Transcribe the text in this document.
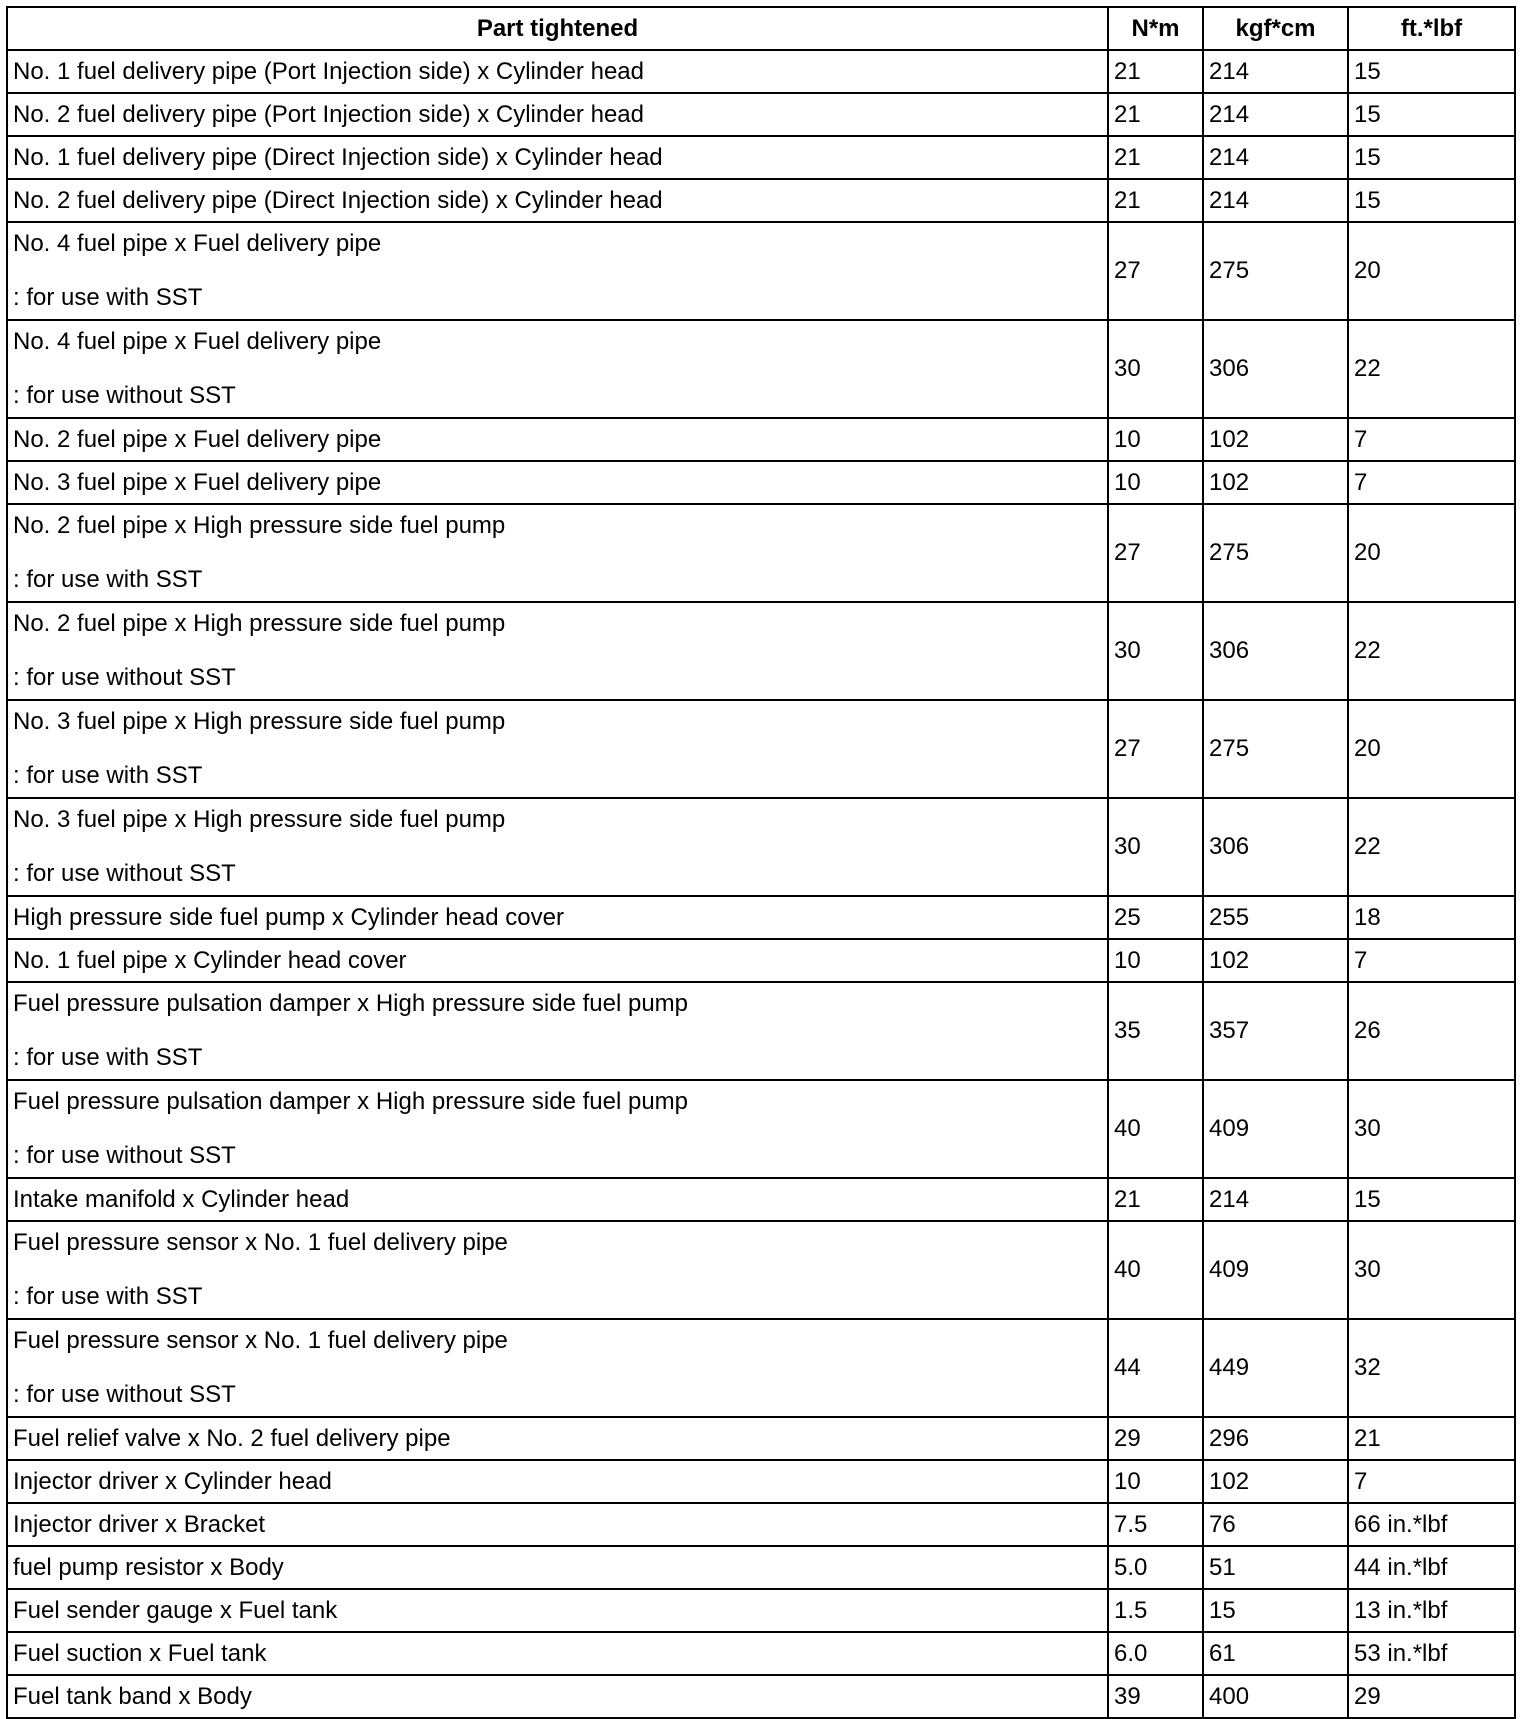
Part tightened	N*m	kgf*cm	ft.*lbf

No. 1 fuel delivery pipe (Port Injection side) x Cylinder head	21	214	15

No. 2 fuel delivery pipe (Port Injection side) x Cylinder head	21	214	15

No. 1 fuel delivery pipe (Direct Injection side) x Cylinder head	21	214	15

No. 2 fuel delivery pipe (Direct Injection side) x Cylinder head	21	214	15

No. 4 fuel pipe x Fuel delivery pipe
: for use with SST	27	275	20

No. 4 fuel pipe x Fuel delivery pipe
: for use without SST	30	306	22

No. 2 fuel pipe x Fuel delivery pipe	10	102	7

No. 3 fuel pipe x Fuel delivery pipe	10	102	7

No. 2 fuel pipe x High pressure side fuel pump
: for use with SST	27	275	20

No. 2 fuel pipe x High pressure side fuel pump
: for use without SST	30	306	22

No. 3 fuel pipe x High pressure side fuel pump
: for use with SST	27	275	20

No. 3 fuel pipe x High pressure side fuel pump
: for use without SST	30	306	22

High pressure side fuel pump x Cylinder head cover	25	255	18

No. 1 fuel pipe x Cylinder head cover	10	102	7

Fuel pressure pulsation damper x High pressure side fuel pump
: for use with SST	35	357	26

Fuel pressure pulsation damper x High pressure side fuel pump
: for use without SST	40	409	30

Intake manifold x Cylinder head	21	214	15

Fuel pressure sensor x No. 1 fuel delivery pipe
: for use with SST	40	409	30

Fuel pressure sensor x No. 1 fuel delivery pipe
: for use without SST	44	449	32

Fuel relief valve x No. 2 fuel delivery pipe	29	296	21

Injector driver x Cylinder head	10	102	7

Injector driver x Bracket	7.5	76	66 in.*lbf

fuel pump resistor x Body	5.0	51	44 in.*lbf

Fuel sender gauge x Fuel tank	1.5	15	13 in.*lbf

Fuel suction x Fuel tank	6.0	61	53 in.*lbf

Fuel tank band x Body	39	400	29
